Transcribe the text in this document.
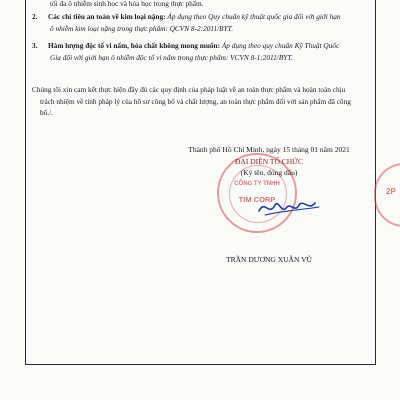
tối đa ô nhiễm sinh học và hóa học trong thực phẩm.
2. Các chỉ tiêu an toàn về kim loại nặng: Áp dụng theo Quy chuẩn kỹ thuật quốc gia đối với giới hạn
ô nhiễm kim loại nặng trong thực phẩm: QCVN 8-2:2011/BYT.
3. Hàm lượng độc tố vi nấm, hóa chất không mong muốn: Áp dụng theo quy chuẩn Kỹ Thuật Quốc
Gia đối với giới hạn ô nhiễm độc tố vi nấm trong thực phẩm: VCVN 8-1:2011/BYT.
Chúng tôi xin cam kết thực hiện đầy đủ các quy định của pháp luật về an toàn thực phẩm và hoàn toàn chịu
trách nhiệm về tính pháp lý của hồ sơ công bố và chất lượng, an toàn thực phẩm đối với sản phẩm đã công
bố./.
CÔNG TY TNHH
TIM CORP
2P
Thành phố Hồ Chí Minh, ngày 15 tháng 01 năm 2021
ĐẠI DIỆN TỔ CHỨC
(Ký tên, đóng dấu)
TRẦN DƯƠNG XUÂN VŨ
